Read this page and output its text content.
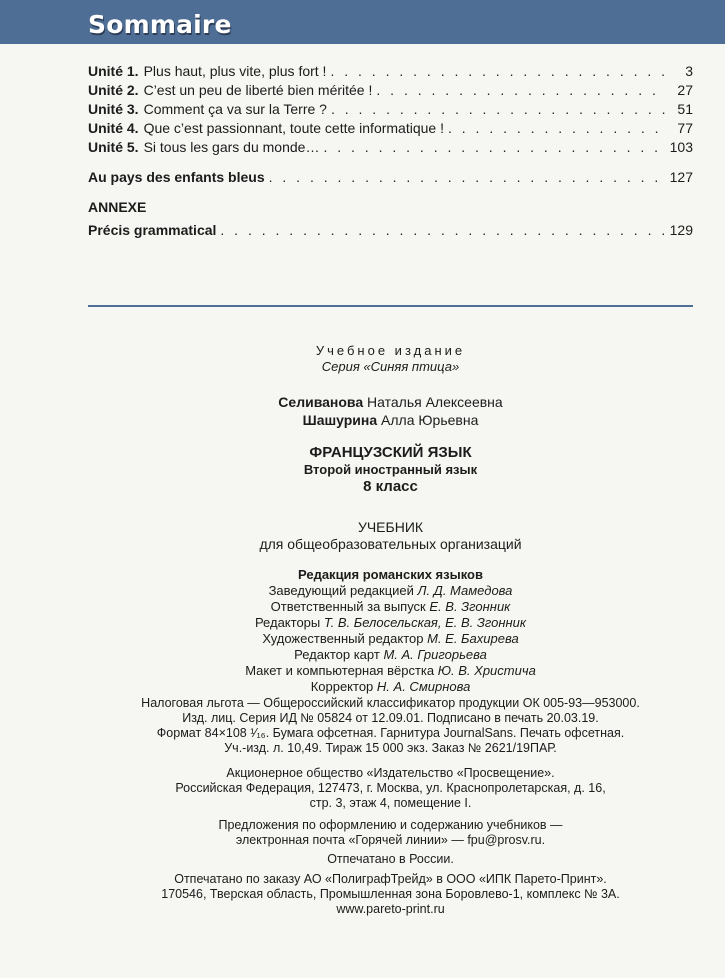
Sommaire
Unité 1. Plus haut, plus vite, plus fort ! . . .	3
Unité 2. C’est un peu de liberté bien méritée ! . . .	27
Unité 3. Comment ça va sur la Terre ? . . .	51
Unité 4. Que c’est passionnant, toute cette informatique ! . . .	77
Unité 5. Si tous les gars du monde… . . .	103
Au pays des enfants bleus . . .	127
ANNEXE
Précis grammatical . . .	129
Учебное издание
Серия «Синяя птица»
Селиванова Наталья Алексеевна
Шашурина Алла Юрьевна
ФРАНЦУЗСКИЙ ЯЗЫК
Второй иностранный язык
8 класс
УЧЕБНИК
для общеобразовательных организаций
Редакция романских языков
Заведующий редакцией Л. Д. Мамедова
Ответственный за выпуск Е. В. Згонник
Редакторы Т. В. Белосельская, Е. В. Згонник
Художественный редактор М. Е. Бахирева
Редактор карт М. А. Григорьева
Макет и компьютерная вёрстка Ю. В. Христича
Корректор Н. А. Смирнова
Налоговая льгота — Общероссийский классификатор продукции ОК 005-93—953000.
Изд. лиц. Серия ИД № 05824 от 12.09.01. Подписано в печать 20.03.19.
Формат 84×108 ¹⁄₁₆. Бумага офсетная. Гарнитура JournalSans. Печать офсетная.
Уч.-изд. л. 10,49. Тираж 15 000 экз. Заказ № 2621/19ПАР.
Акционерное общество «Издательство «Просвещение».
Российская Федерация, 127473, г. Москва, ул. Краснопролетарская, д. 16,
стр. 3, этаж 4, помещение I.
Предложения по оформлению и содержанию учебников —
электронная почта «Горячей линии» — fpu@prosv.ru.
Отпечатано в России.
Отпечатано по заказу АО «ПолиграфТрейд» в ООО «ИПК Парето-Принт».
170546, Тверская область, Промышленная зона Боровлево-1, комплекс № 3А.
www.pareto-print.ru
